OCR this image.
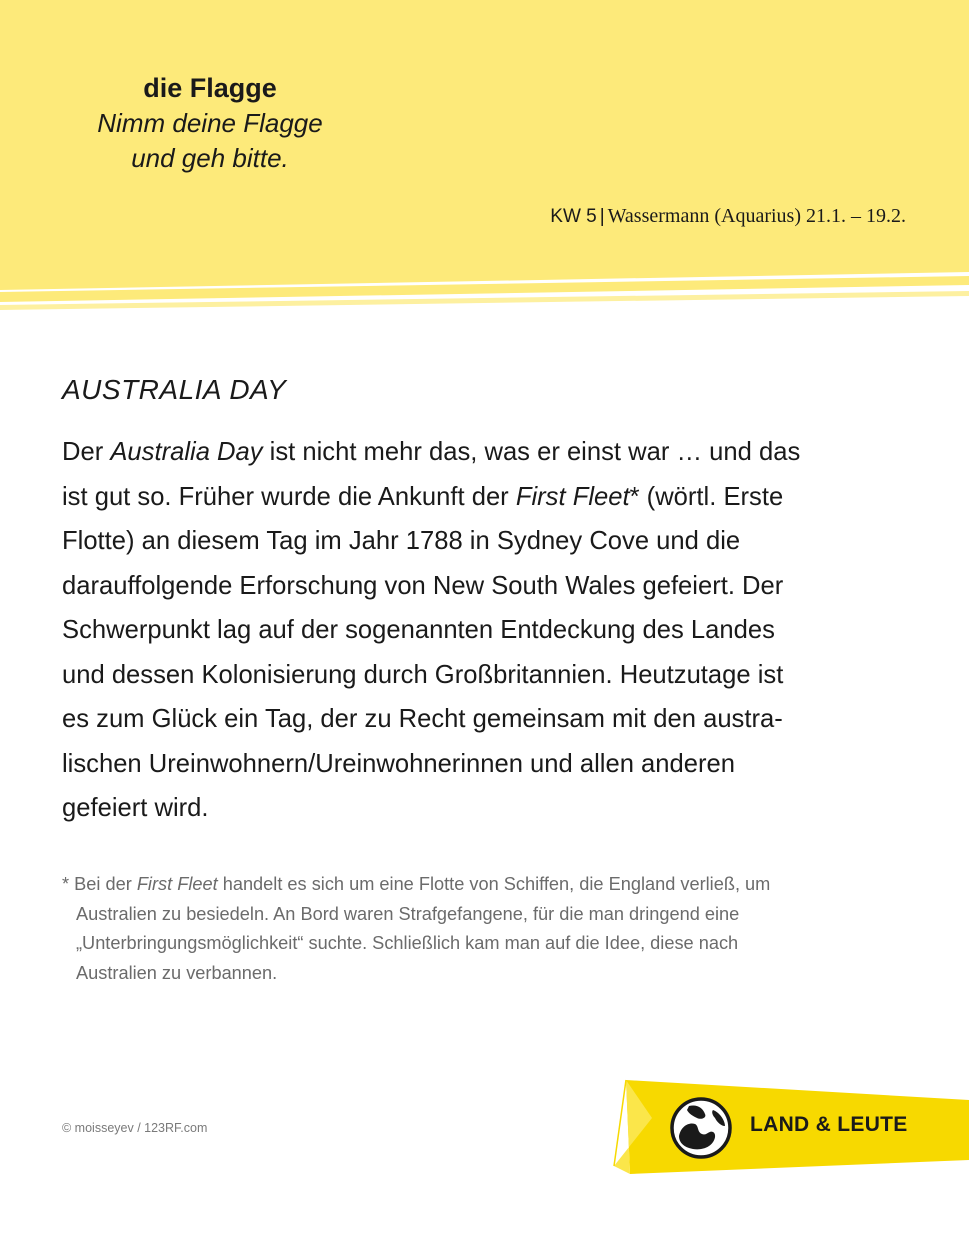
die Flagge
Nimm deine Flagge
und geh bitte.
KW 5 | Wassermann (Aquarius) 21.1. – 19.2.
AUSTRALIA DAY
Der Australia Day ist nicht mehr das, was er einst war … und das
ist gut so. Früher wurde die Ankunft der First Fleet* (wörtl. Erste
Flotte) an diesem Tag im Jahr 1788 in Sydney Cove und die
darauffolgende Erforschung von New South Wales gefeiert. Der
Schwerpunkt lag auf der sogenannten Entdeckung des Landes
und dessen Kolonisierung durch Großbritannien. Heutzutage ist
es zum Glück ein Tag, der zu Recht gemeinsam mit den austra-
lischen Ureinwohnern/Ureinwohnerinnen und allen anderen
gefeiert wird.
* Bei der First Fleet handelt es sich um eine Flotte von Schiffen, die England verließ, um
Australien zu besiedeln. An Bord waren Strafgefangene, für die man dringend eine
„Unterbringungsmöglichkeit“ suchte. Schließlich kam man auf die Idee, diese nach
Australien zu verbannen.
© moisseyev / 123RF.com	LAND & LEUTE
